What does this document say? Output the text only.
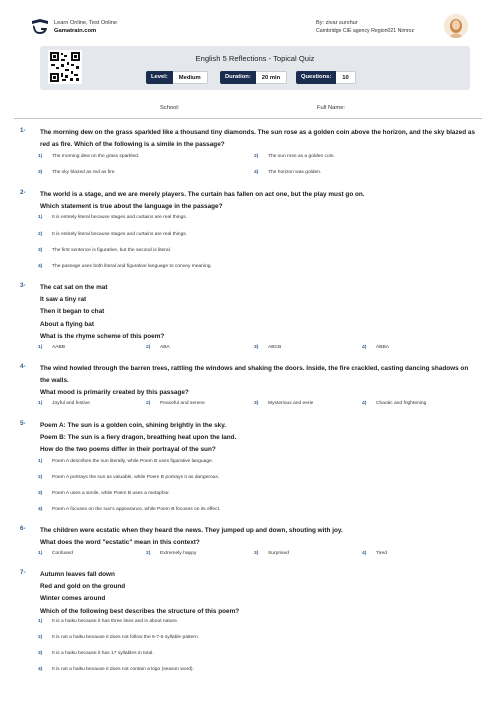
Learn Online, Test Online
Gamatrain.com
By: zivar surshur
Cambridge CIE agency Region021 Nimroz
English 5 Reflections - Topical Quiz
Level:	Medium	Duration:	20 min	Questions:	10
School:	Full Name:
1- The morning dew on the grass sparkled like a thousand tiny diamonds. The sun rose as a golden coin above the horizon, and the sky blazed as red as fire. Which of the following is a simile in the passage?
1) The morning dew on the grass sparkled.	2) The sun rose as a golden coin.
3) The sky blazed as red as fire.	4) The horizon was golden.
2- The world is a stage, and we are merely players. The curtain has fallen on act one, but the play must go on.
Which statement is true about the language in the passage?
1) It is entirely literal because stages and curtains are real things.
2) It is entirely literal because stages and curtains are real things.
3) The first sentence is figurative, but the second is literal.
4) The passage uses both literal and figurative language to convey meaning.
3- The cat sat on the mat
It saw a tiny rat
Then it began to chat
About a flying bat
What is the rhyme scheme of this poem?
1) AABB	2) ABA	3) ABCB	4) ABBA
4- The wind howled through the barren trees, rattling the windows and shaking the doors. Inside, the fire crackled, casting dancing shadows on the walls.
What mood is primarily created by this passage?
1) Joyful and festive	2) Peaceful and serene	3) Mysterious and eerie	4) Chaotic and frightening
5- Poem A: The sun is a golden coin, shining brightly in the sky.
Poem B: The sun is a fiery dragon, breathing heat upon the land.
How do the two poems differ in their portrayal of the sun?
1) Poem A describes the sun literally, while Poem B uses figurative language.
2) Poem A portrays the sun as valuable, while Poem B portrays it as dangerous.
3) Poem A uses a simile, while Poem B uses a metaphor.
4) Poem A focuses on the sun's appearance, while Poem B focuses on its effect.
6- The children were ecstatic when they heard the news. They jumped up and down, shouting with joy.
What does the word "ecstatic" mean in this context?
1) Confused	2) Extremely happy	3) Surprised	4) Tired
7- Autumn leaves fall down
Red and gold on the ground
Winter comes around
Which of the following best describes the structure of this poem?
1) It is a haiku because it has three lines and is about nature.
2) It is not a haiku because it does not follow the 5-7-5 syllable pattern.
3) It is a haiku because it has 17 syllables in total.
4) It is not a haiku because it does not contain a kigo (season word).
